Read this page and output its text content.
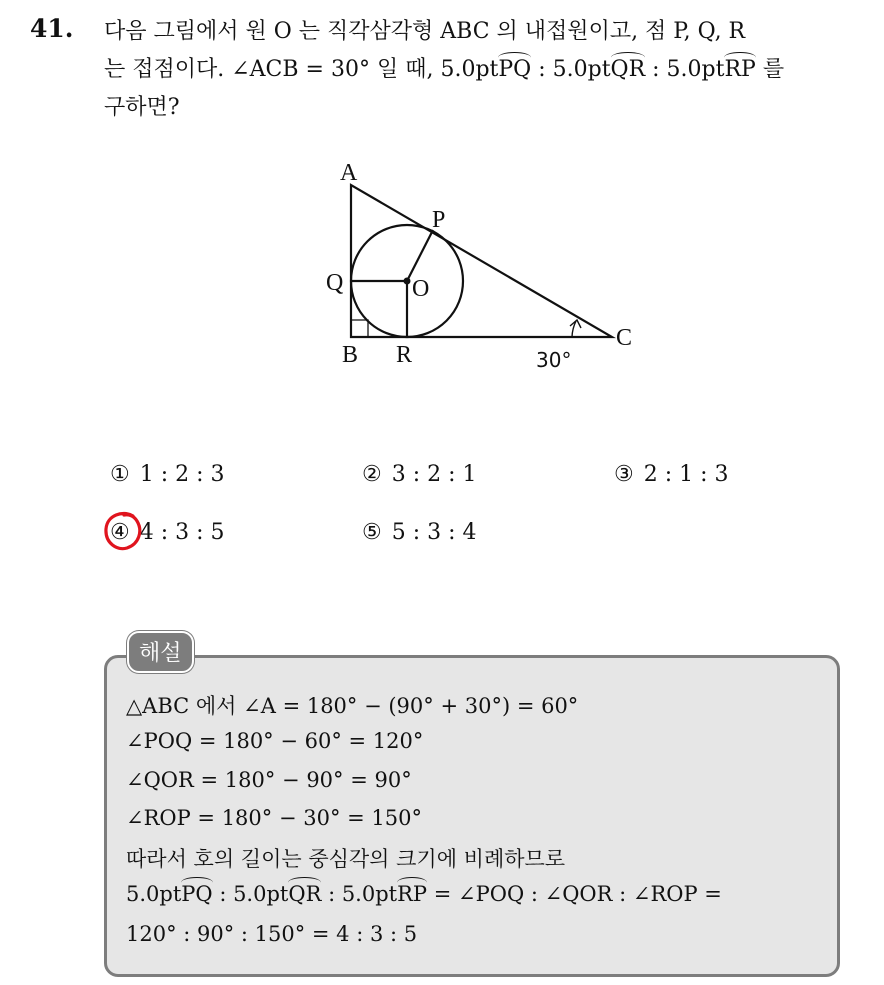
41. 다음 그림에서 원 O 는 직각삼각형 ABC 의 내접원이고, 점 P, Q, R
는 접점이다. ∠ACB = 30° 일 때, 5.0ptPQ : 5.0ptQR : 5.0ptRP 를
구하면?
A
P
Q	O
B R
C
30°
① 1 : 2 : 3	② 3 : 2 : 1	③ 2 : 1 : 3
④ 4 : 3 : 5	⑤ 5 : 3 : 4
해설
△ABC 에서 ∠A = 180° − (90° + 30°) = 60°
∠POQ = 180° − 60° = 120°
∠QOR = 180° − 90° = 90°
∠ROP = 180° − 30° = 150°
따라서 호의 길이는 중심각의 크기에 비례하므로
5.0ptPQ : 5.0ptQR : 5.0ptRP = ∠POQ : ∠QOR : ∠ROP =
120° : 90° : 150° = 4 : 3 : 5
